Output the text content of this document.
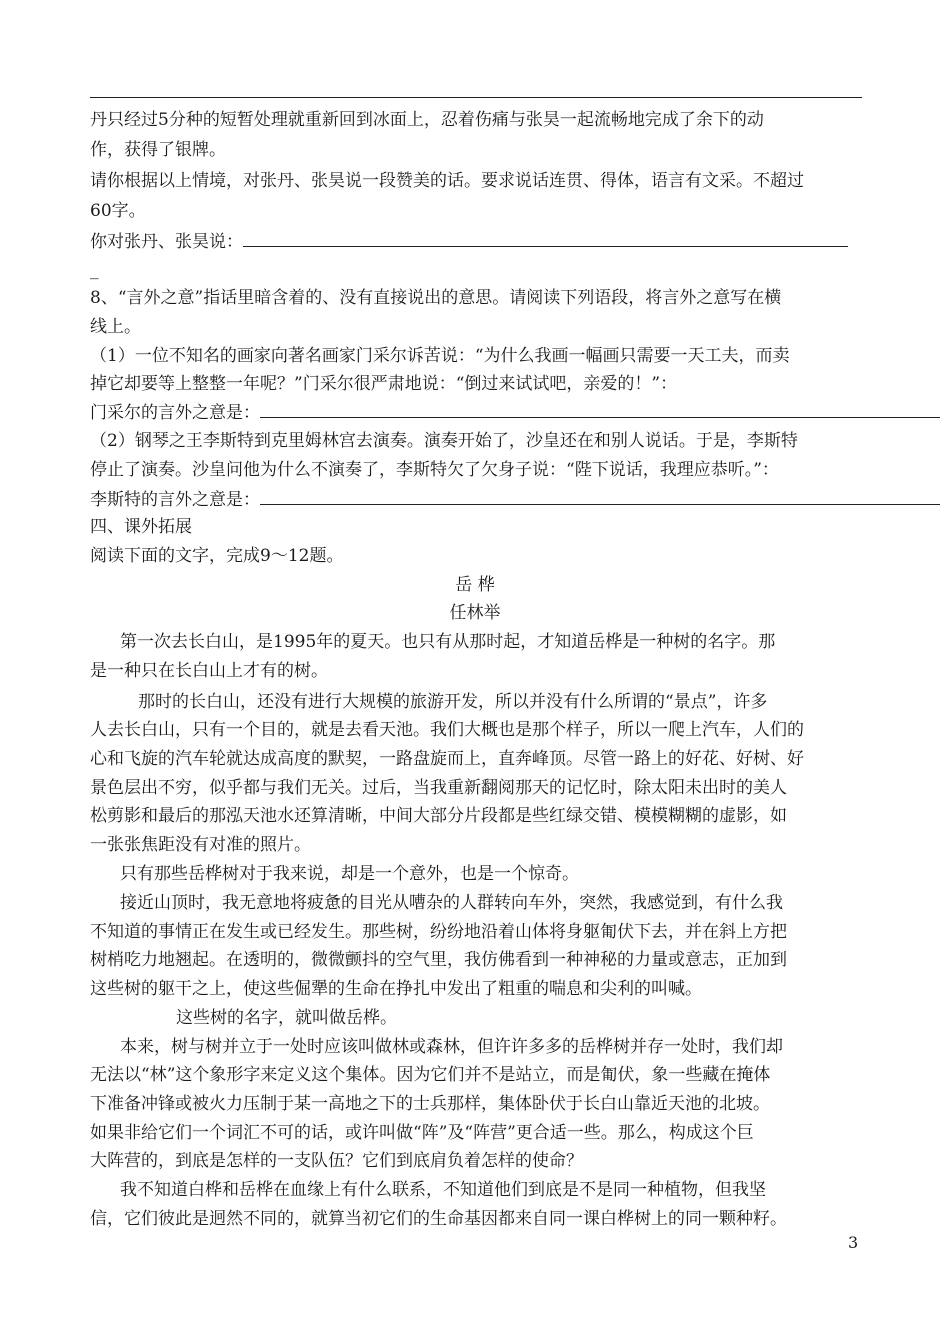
丹只经过5分种的短暂处理就重新回到冰面上，忍着伤痛与张昊一起流畅地完成了余下的动
作，获得了银牌。
请你根据以上情境，对张丹、张昊说一段赞美的话。要求说话连贯、得体，语言有文采。不超过
60字。
你对张丹、张昊说：
_
8、“言外之意”指话里暗含着的、没有直接说出的意思。请阅读下列语段，将言外之意写在横
线上。
（1）一位不知名的画家向著名画家门采尔诉苦说：“为什么我画一幅画只需要一天工夫，而卖
掉它却要等上整整一年呢？”门采尔很严肃地说：“倒过来试试吧，亲爱的！”：
门采尔的言外之意是：
（2）钢琴之王李斯特到克里姆林宫去演奏。演奏开始了，沙皇还在和别人说话。于是，李斯特
停止了演奏。沙皇问他为什么不演奏了，李斯特欠了欠身子说：“陛下说话，我理应恭听。”：
李斯特的言外之意是：
四、课外拓展
阅读下面的文字，完成9～12题。
岳 桦
任林举
第一次去长白山，是1995年的夏天。也只有从那时起，才知道岳桦是一种树的名字。那
是一种只在长白山上才有的树。
那时的长白山，还没有进行大规模的旅游开发，所以并没有什么所谓的“景点”，许多
人去长白山，只有一个目的，就是去看天池。我们大概也是那个样子，所以一爬上汽车，人们的
心和飞旋的汽车轮就达成高度的默契，一路盘旋而上，直奔峰顶。尽管一路上的好花、好树、好
景色层出不穷，似乎都与我们无关。过后，当我重新翻阅那天的记忆时，除太阳未出时的美人
松剪影和最后的那泓天池水还算清晰，中间大部分片段都是些红绿交错、模模糊糊的虚影，如
一张张焦距没有对准的照片。
只有那些岳桦树对于我来说，却是一个意外，也是一个惊奇。
接近山顶时，我无意地将疲惫的目光从嘈杂的人群转向车外，突然，我感觉到，有什么我
不知道的事情正在发生或已经发生。那些树，纷纷地沿着山体将身躯匍伏下去，并在斜上方把
树梢吃力地翘起。在透明的，微微颤抖的空气里，我仿佛看到一种神秘的力量或意志，正加到
这些树的躯干之上，使这些倔犟的生命在挣扎中发出了粗重的喘息和尖利的叫喊。
这些树的名字，就叫做岳桦。
本来，树与树并立于一处时应该叫做林或森林，但许许多多的岳桦树并存一处时，我们却
无法以“林”这个象形字来定义这个集体。因为它们并不是站立，而是匍伏，象一些藏在掩体
下准备冲锋或被火力压制于某一高地之下的士兵那样，集体卧伏于长白山靠近天池的北坡。
如果非给它们一个词汇不可的话，或许叫做“阵”及“阵营”更合适一些。那么，构成这个巨
大阵营的，到底是怎样的一支队伍？它们到底肩负着怎样的使命？
我不知道白桦和岳桦在血缘上有什么联系，不知道他们到底是不是同一种植物，但我坚
信，它们彼此是迥然不同的，就算当初它们的生命基因都来自同一课白桦树上的同一颗种籽。
3
